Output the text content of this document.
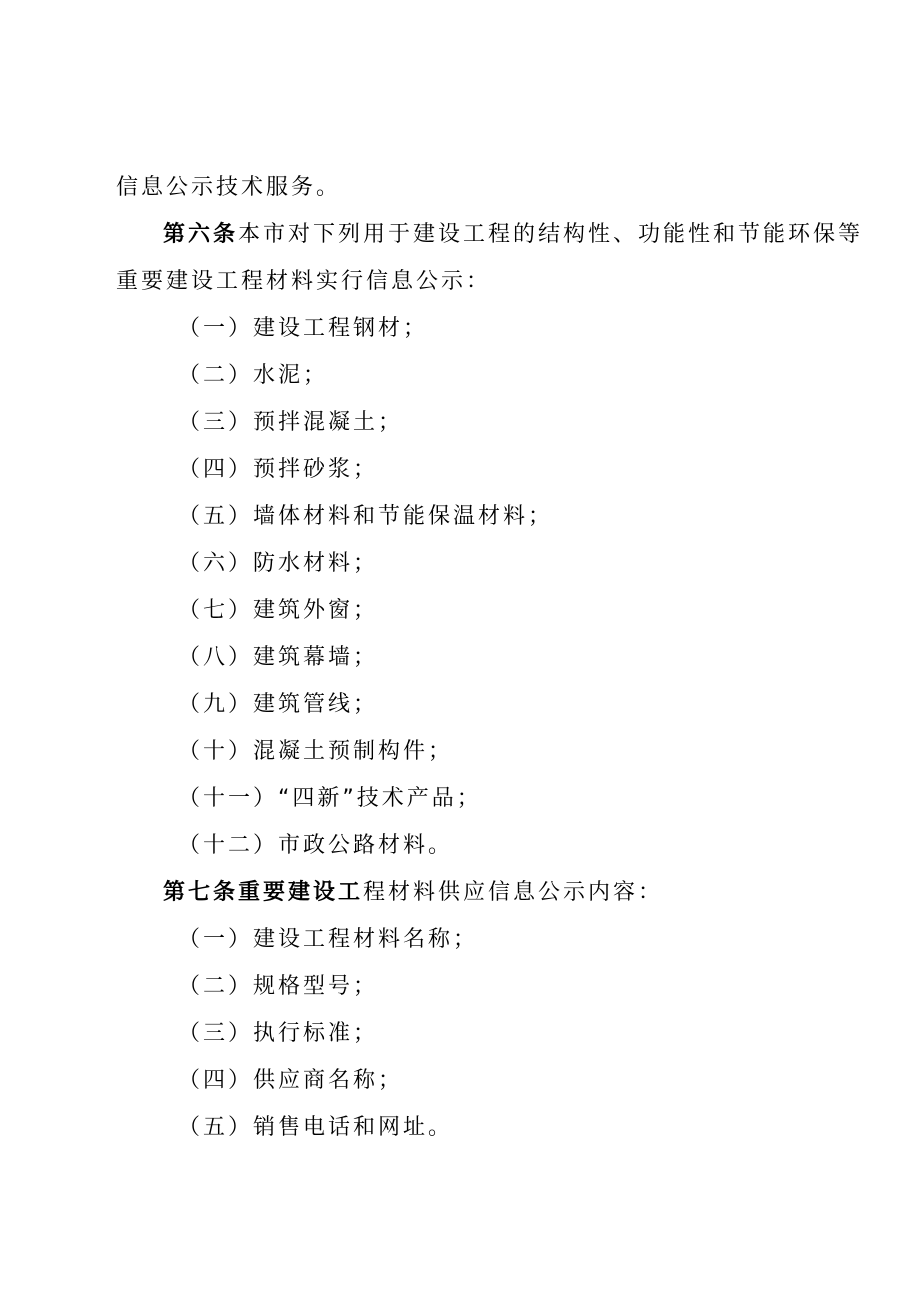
信息公示技术服务。
第六条本市对下列用于建设工程的结构性、功能性和节能环保等
重要建设工程材料实行信息公示：
（一）建设工程钢材；
（二）水泥；
（三）预拌混凝土；
（四）预拌砂浆；
（五）墙体材料和节能保温材料；
（六）防水材料；
（七）建筑外窗；
（八）建筑幕墙；
（九）建筑管线；
（十）混凝土预制构件；
（十一）“四新”技术产品；
（十二）市政公路材料。
第七条重要建设工程材料供应信息公示内容：
（一）建设工程材料名称；
（二）规格型号；
（三）执行标准；
（四）供应商名称；
（五）销售电话和网址。
